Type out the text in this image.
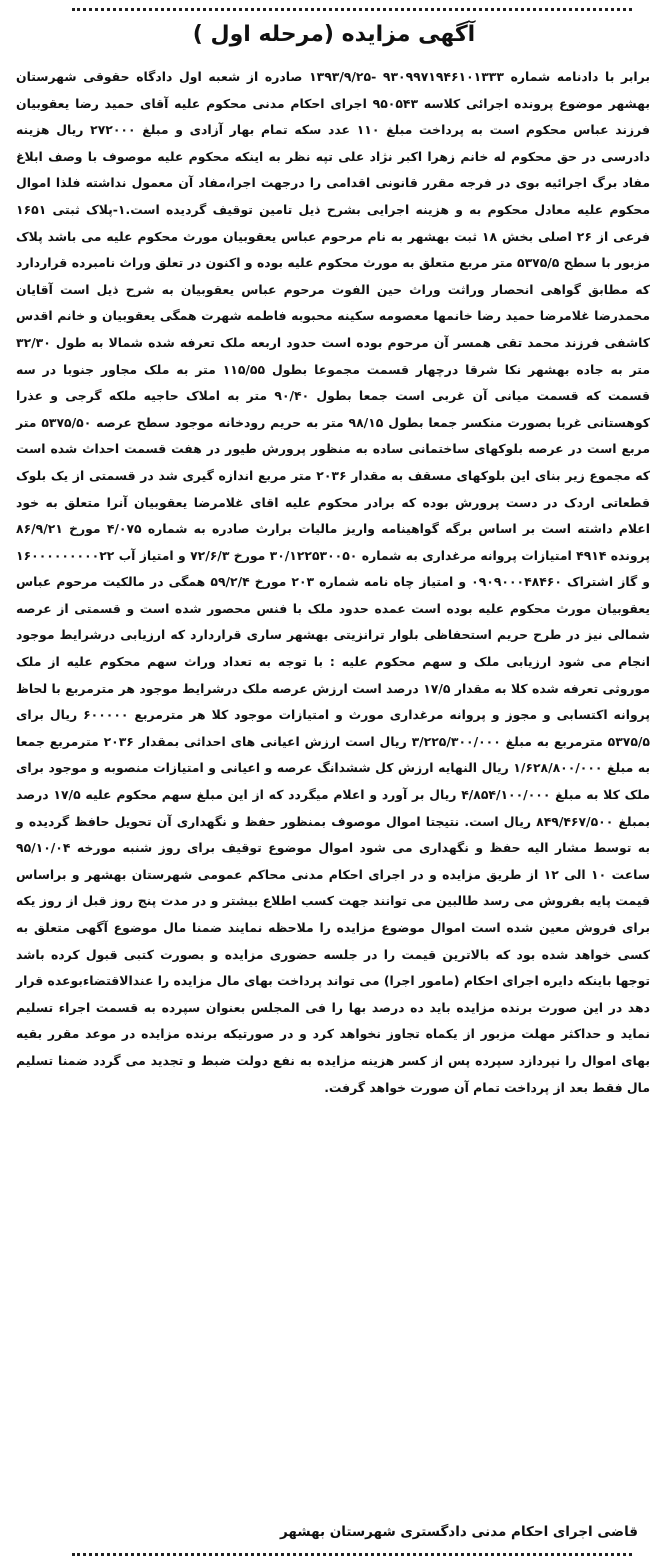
آگهی مزایده (مرحله اول )

برابر با دادنامه شماره ۹۳۰۹۹۷۱۹۴۶۱۰۱۳۳۳ -۱۳۹۳/۹/۲۵ صادره از شعبه اول دادگاه حقوقی شهرستان بهشهر موضوع پرونده اجرائی کلاسه ۹۵۰۵۴۳ اجرای احکام مدنی محکوم علیه آقای حمید رضا یعقوبیان فرزند عباس محکوم است به پرداخت مبلغ ۱۱۰ عدد سکه تمام بهار آزادی و مبلغ ۲۷۲۰۰۰ ریال هزینه دادرسی در حق محکوم له خانم زهرا اکبر نژاد علی تپه نظر به اینکه محکوم علیه موصوف با وصف ابلاغ مفاد برگ اجرائیه بوی در فرجه مقرر قانونی اقدامی را درجهت اجرا،مفاد آن معمول نداشته فلذا اموال محکوم علیه معادل محکوم به و هزینه اجرایی بشرح ذیل تامین توقیف گردیده است.۱-پلاک ثبتی ۱۶۵۱ فرعی از ۲۶ اصلی بخش ۱۸ ثبت بهشهر به نام مرحوم عباس یعقوبیان مورث محکوم علیه می باشد پلاک مزبور با سطح ۵۳۷۵/۵ متر مربع متعلق به مورث محکوم علیه بوده و اکنون در تعلق وراث نامبرده قراردارد که مطابق گواهی انحصار وراثت وراث حین الفوت مرحوم عباس یعقوبیان به شرح ذیل است آقایان محمدرضا غلامرضا حمید رضا خانمها معصومه سکینه محبوبه فاطمه شهرت همگی یعقوبیان و خانم اقدس کاشفی فرزند محمد تقی همسر آن مرحوم بوده است حدود اربعه ملک تعرفه شده شمالا به طول ۳۲/۳۰ متر به جاده بهشهر نکا شرقا درچهار قسمت مجموعا بطول ۱۱۵/۵۵ متر به ملک مجاور جنوبا در سه قسمت که قسمت میانی آن غربی است جمعا بطول ۹۰/۴۰ متر به املاک حاجیه ملکه گرجی و عذرا کوهستانی غربا بصورت منکسر جمعا بطول ۹۸/۱۵ متر به حریم رودخانه موجود سطح عرصه ۵۳۷۵/۵۰ متر مربع است در عرصه بلوکهای ساختمانی ساده به منظور پرورش طیور در هفت قسمت احداث شده است که مجموع زیر بنای این بلوکهای مسقف به مقدار ۲۰۳۶ متر مربع اندازه گیری شد در قسمتی از یک بلوک قطعاتی اردک در دست پرورش بوده که برادر محکوم علیه اقای غلامرضا یعقوبیان آنرا متعلق به خود اعلام داشته است بر اساس برگه گواهینامه واریز مالیات برارث صادره به شماره ۴/۰۷۵ مورخ ۸۶/۹/۲۱ پرونده ۴۹۱۴ امتیازات پروانه مرغداری به شماره ۳۰/۱۲۲۵۳۰۰۵۰ مورخ ۷۲/۶/۳ و امتیاز آب ۱۶۰۰۰۰۰۰۰۰۰۲۲ و گاز اشتراک ۰۹۰۹۰۰۰۴۸۴۶۰ و امتیاز چاه نامه شماره ۲۰۳ مورخ ۵۹/۲/۴ همگی در مالکیت مرحوم عباس یعقوبیان مورث محکوم علیه بوده است عمده حدود ملک با فنس محصور شده است و قسمتی از عرصه شمالی نیز در طرح حریم استحفاظی بلوار ترانزیتی بهشهر ساری قراردارد که ارزیابی درشرایط موجود انجام می شود ارزیابی ملک و سهم محکوم علیه : با توجه به تعداد وراث سهم محکوم علیه از ملک موروثی تعرفه شده کلا به مقدار ۱۷/۵ درصد است ارزش عرصه ملک درشرایط موجود هر مترمربع با لحاظ پروانه اکتسابی و مجوز و پروانه مرغداری مورث و امتیازات موجود کلا هر مترمربع ۶۰۰۰۰۰ ریال برای ۵۳۷۵/۵ مترمربع به مبلغ ۳/۲۲۵/۳۰۰/۰۰۰ ریال است ارزش اعیانی های احداثی بمقدار ۲۰۳۶ مترمربع جمعا به مبلغ ۱/۶۲۸/۸۰۰/۰۰۰ ریال النهایه ارزش کل ششدانگ عرصه و اعیانی و امتیازات منصوبه و موجود برای ملک کلا به مبلغ ۴/۸۵۴/۱۰۰/۰۰۰ ریال بر آورد و اعلام میگردد که از این مبلغ سهم محکوم علیه ۱۷/۵ درصد بمبلغ ۸۴۹/۴۶۷/۵۰۰ ریال است. نتیجتا اموال موصوف بمنظور حفظ و نگهداری آن تحویل حافظ گردیده و به توسط مشار الیه حفظ و نگهداری می شود اموال موضوع توقیف برای روز شنبه مورخه ۹۵/۱۰/۰۴ ساعت ۱۰ الی ۱۲ از طریق مزایده و در اجرای احکام مدنی محاکم عمومی شهرستان بهشهر و براساس قیمت پایه بفروش می رسد طالبین می توانند جهت کسب اطلاع بیشتر و در مدت پنج روز قبل از روز یکه برای فروش معین شده است اموال موضوع مزایده را ملاحظه نمایند ضمنا مال موضوع آگهی متعلق به کسی خواهد شده بود که بالاترین قیمت را در جلسه حضوری مزایده و بصورت کتبی قبول کرده باشد توجها باینکه دایره اجرای احکام (مامور اجرا) می تواند پرداخت بهای مال مزایده را عندالاقتضاءبوعده قرار دهد در این صورت برنده مزایده باید ده درصد بها را فی المجلس بعنوان سپرده به قسمت اجراء تسلیم نماید و حداکثر مهلت مزبور از یکماه تجاوز نخواهد کرد و در صورتیکه برنده مزایده در موعد مقرر بقیه بهای اموال را نپردازد سپرده پس از کسر هزینه مزایده به نفع دولت ضبط و تجدید می گردد ضمنا تسلیم مال فقط بعد از پرداخت تمام آن صورت خواهد گرفت.

قاضی اجرای احکام مدنی دادگستری شهرستان بهشهر
